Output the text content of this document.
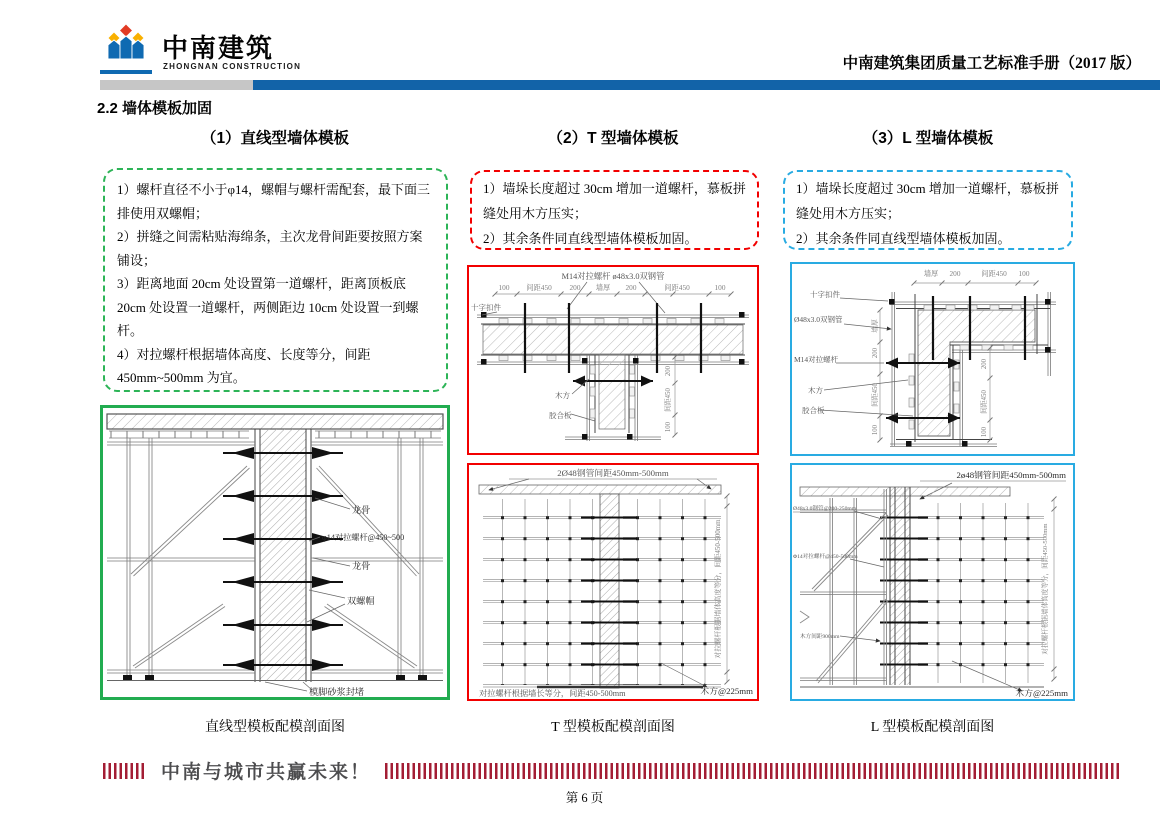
中南建筑
ZHONGNAN CONSTRUCTION	中南建筑集团质量工艺标准手册（2017 版）
2.2 墙体模板加固
（1）直线型墙体模板	（2）T 型墙体模板	（3）L 型墙体模板
1）螺杆直径不小于φ14，螺帽与螺杆需配套，最下面三排使用双螺帽；
2）拼缝之间需粘贴海绵条，主次龙骨间距要按照方案铺设；
3）距离地面 20cm 处设置第一道螺杆，距离顶板底 20cm 处设置一道螺杆，两侧距边 10cm 处设置一到螺杆。
4）对拉螺杆根据墙体高度、长度等分，间距 450mm~500mm 为宜。
1）墙垛长度超过 30cm 增加一道螺杆，慕板拼缝处用木方压实；
2）其余条件同直线型墙体模板加固。
1）墙垛长度超过 30cm 增加一道螺杆，慕板拼缝处用木方压实；
2）其余条件同直线型墙体模板加固。
龙骨
φ14对拉螺杆@450~500
龙骨
双螺帽
模脚砂浆封堵
M14对拉螺杆 ø48x3.0双钢管
100 间距450 200 墙厚 200	间距450	100
200
间距450
100
十字扣件
木方
胶合板
2Ø48钢管间距450mm-500mm
对拉螺杆根据墙体高度等分，间距450-500mm
对拉螺杆根据墙长等分，间距450-500mm	木方@225mm
墙厚 200	间距450 100
墙厚
200
间距450
100
200
间距450
100
十字扣件
Ø48x3.0双钢管
M14对拉螺杆
木方
胶合板
2ø48钢管间距450mm-500mm
对拉螺杆根据墙体高度等分，间距450-500mm
Ø48x3.0钢管@200-250mm
Φ14对拉螺杆@450-500mm
木方间距900mm
木方@225mm
直线型模板配模剖面图	T 型模板配模剖面图	L 型模板配模剖面图
中南与城市共赢未来！
第 6 页
